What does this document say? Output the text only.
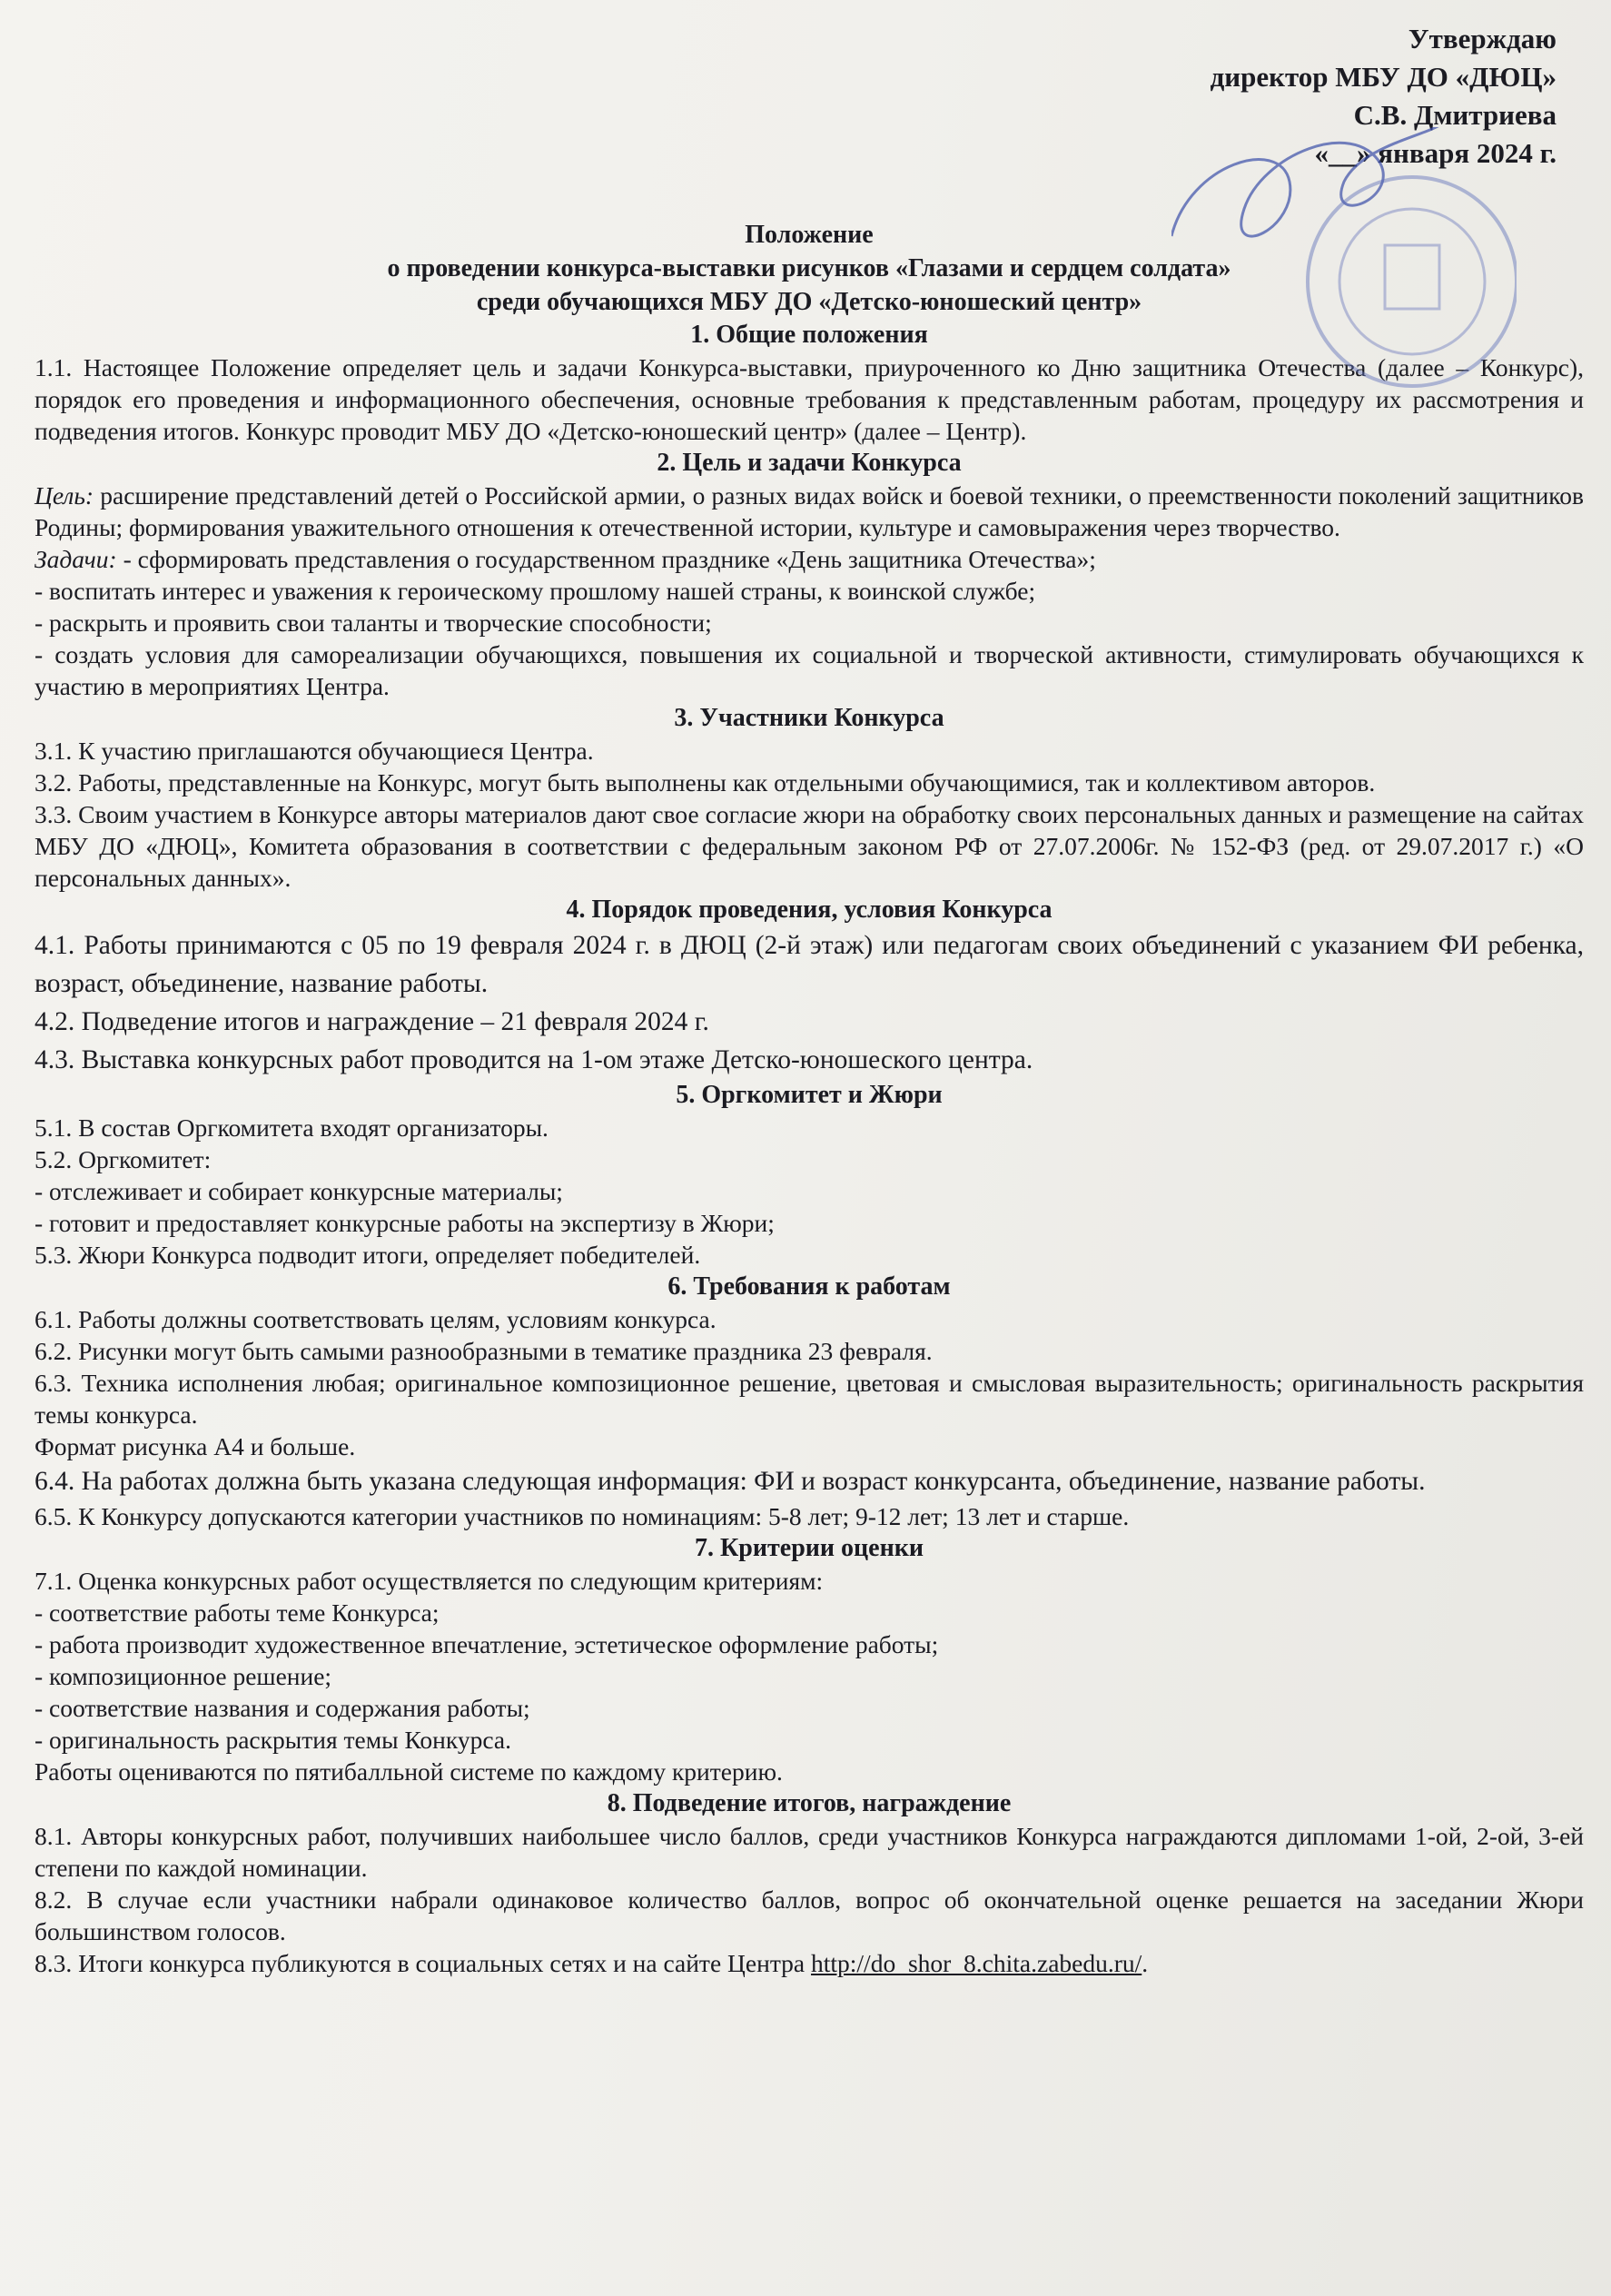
Утверждаю
директор МБУ ДО «ДЮЦ»
С.В. Дмитриева
«__» января 2024 г.
Положение
о проведении конкурса-выставки рисунков «Глазами и сердцем солдата»
среди обучающихся МБУ ДО «Детско-юношеский центр»
1. Общие положения

1.1. Настоящее Положение определяет цель и задачи Конкурса-выставки, приуроченного ко Дню защитника Отечества (далее – Конкурс), порядок его проведения и информационного обеспечения, основные требования к представленным работам, процедуру их рассмотрения и подведения итогов. Конкурс проводит МБУ ДО «Детско-юношеский центр» (далее – Центр).

2. Цель и задачи Конкурса

Цель: расширение представлений детей о Российской армии, о разных видах войск и боевой техники, о преемственности поколений защитников Родины; формирования уважительного отношения к отечественной истории, культуре и самовыражения через творчество.

Задачи: - сформировать представления о государственном празднике «День защитника Отечества»;

- воспитать интерес и уважения к героическому прошлому нашей страны, к воинской службе;

- раскрыть и проявить свои таланты и творческие способности;

- создать условия для самореализации обучающихся, повышения их социальной и творческой активности, стимулировать обучающихся к участию в мероприятиях Центра.

3. Участники Конкурса

3.1. К участию приглашаются обучающиеся Центра.

3.2. Работы, представленные на Конкурс, могут быть выполнены как отдельными обучающимися, так и коллективом авторов.

3.3. Своим участием в Конкурсе авторы материалов дают свое согласие жюри на обработку своих персональных данных и размещение на сайтах МБУ ДО «ДЮЦ», Комитета образования в соответствии с федеральным законом РФ от 27.07.2006г. № 152-ФЗ (ред. от 29.07.2017 г.) «О персональных данных».

4. Порядок проведения, условия Конкурса

4.1. Работы принимаются с 05 по 19 февраля 2024 г. в ДЮЦ (2-й этаж) или педагогам своих объединений с указанием ФИ ребенка, возраст, объединение, название работы.

4.2. Подведение итогов и награждение – 21 февраля 2024 г.

4.3. Выставка конкурсных работ проводится на 1-ом этаже Детско-юношеского центра.

5. Оргкомитет и Жюри

5.1. В состав Оргкомитета входят организаторы.

5.2. Оргкомитет:

- отслеживает и собирает конкурсные материалы;

- готовит и предоставляет конкурсные работы на экспертизу в Жюри;

5.3. Жюри Конкурса подводит итоги, определяет победителей.

6. Требования к работам

6.1. Работы должны соответствовать целям, условиям конкурса.

6.2. Рисунки могут быть самыми разнообразными в тематике праздника 23 февраля.

6.3. Техника исполнения любая; оригинальное композиционное решение, цветовая и смысловая выразительность; оригинальность раскрытия темы конкурса.

Формат рисунка А4 и больше.

6.4. На работах должна быть указана следующая информация: ФИ и возраст конкурсанта, объединение, название работы.

6.5. К Конкурсу допускаются категории участников по номинациям: 5-8 лет; 9-12 лет; 13 лет и старше.

7. Критерии оценки

7.1. Оценка конкурсных работ осуществляется по следующим критериям:

- соответствие работы теме Конкурса;

- работа производит художественное впечатление, эстетическое оформление работы;

- композиционное решение;

- соответствие названия и содержания работы;

- оригинальность раскрытия темы Конкурса.

Работы оцениваются по пятибалльной системе по каждому критерию.

8. Подведение итогов, награждение

8.1. Авторы конкурсных работ, получивших наибольшее число баллов, среди участников Конкурса награждаются дипломами 1-ой, 2-ой, 3-ей степени по каждой номинации.

8.2. В случае если участники набрали одинаковое количество баллов, вопрос об окончательной оценке решается на заседании Жюри большинством голосов.

8.3. Итоги конкурса публикуются в социальных сетях и на сайте Центра http://do_shor_8.chita.zabedu.ru/.
